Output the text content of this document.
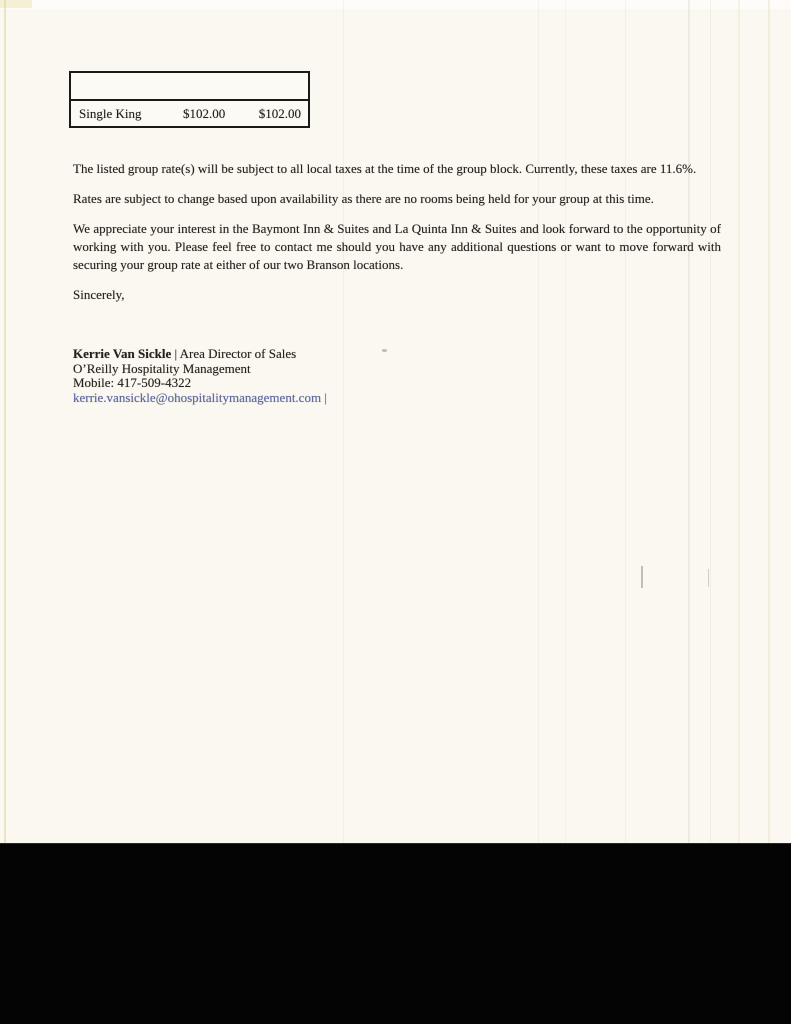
Single King	$102.00	$102.00

The listed group rate(s) will be subject to all local taxes at the time of the group block. Currently, these taxes are 11.6%.

Rates are subject to change based upon availability as there are no rooms being held for your group at this time.

We appreciate your interest in the Baymont Inn & Suites and La Quinta Inn & Suites and look forward to the opportunity of working with you. Please feel free to contact me should you have any additional questions or want to move forward with securing your group rate at either of our two Branson locations.

Sincerely,

Kerrie Van Sickle | Area Director of Sales

O’Reilly Hospitality Management

Mobile: 417-509-4322

kerrie.vansickle@ohospitalitymanagement.com |
